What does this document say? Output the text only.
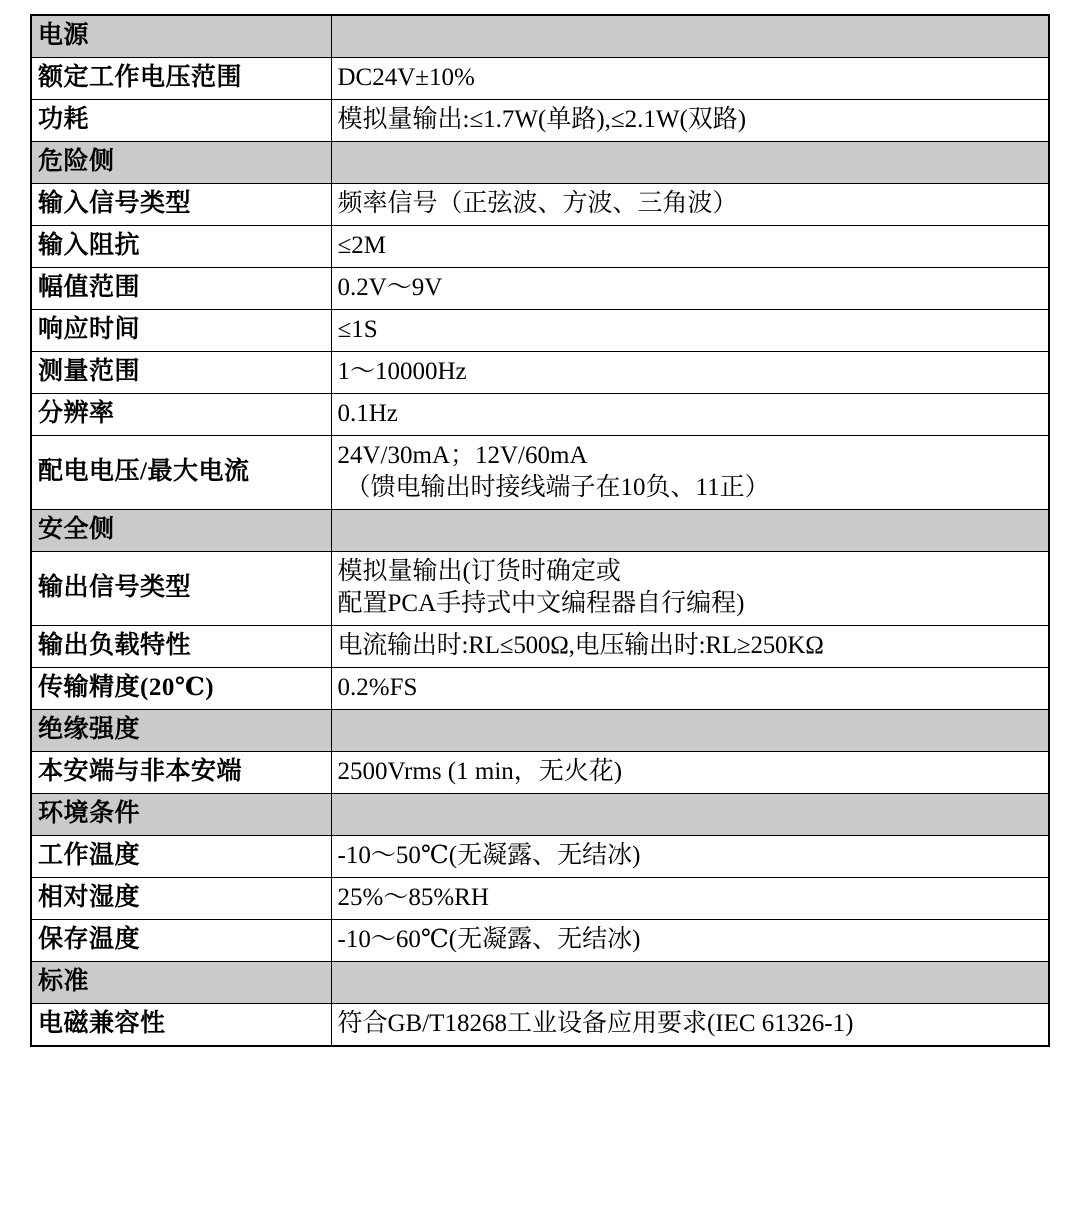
电源	
额定工作电压范围	DC24V±10%
功耗	模拟量输出:≤1.7W(单路),≤2.1W(双路)
危险侧	
输入信号类型	频率信号（正弦波、方波、三角波）
输入阻抗	≤2M
幅值范围	0.2V～9V
响应时间	≤1S
测量范围	1～10000Hz
分辨率	0.1Hz
配电电压/最大电流	24V/30mA；12V/60mA
（馈电输出时接线端子在10负、11正）

安全侧	
输出信号类型	模拟量输出(订货时确定或
配置PCA手持式中文编程器自行编程)

输出负载特性	电流输出时:RL≤500Ω,电压输出时:RL≥250KΩ
传输精度(20℃)	0.2%FS
绝缘强度	
本安端与非本安端	2500Vrms (1 min，无火花)
环境条件	
工作温度	-10～50℃(无凝露、无结冰)
相对湿度	25%～85%RH
保存温度	-10～60℃(无凝露、无结冰)
标准	
电磁兼容性	符合GB/T18268工业设备应用要求(IEC 61326-1)
